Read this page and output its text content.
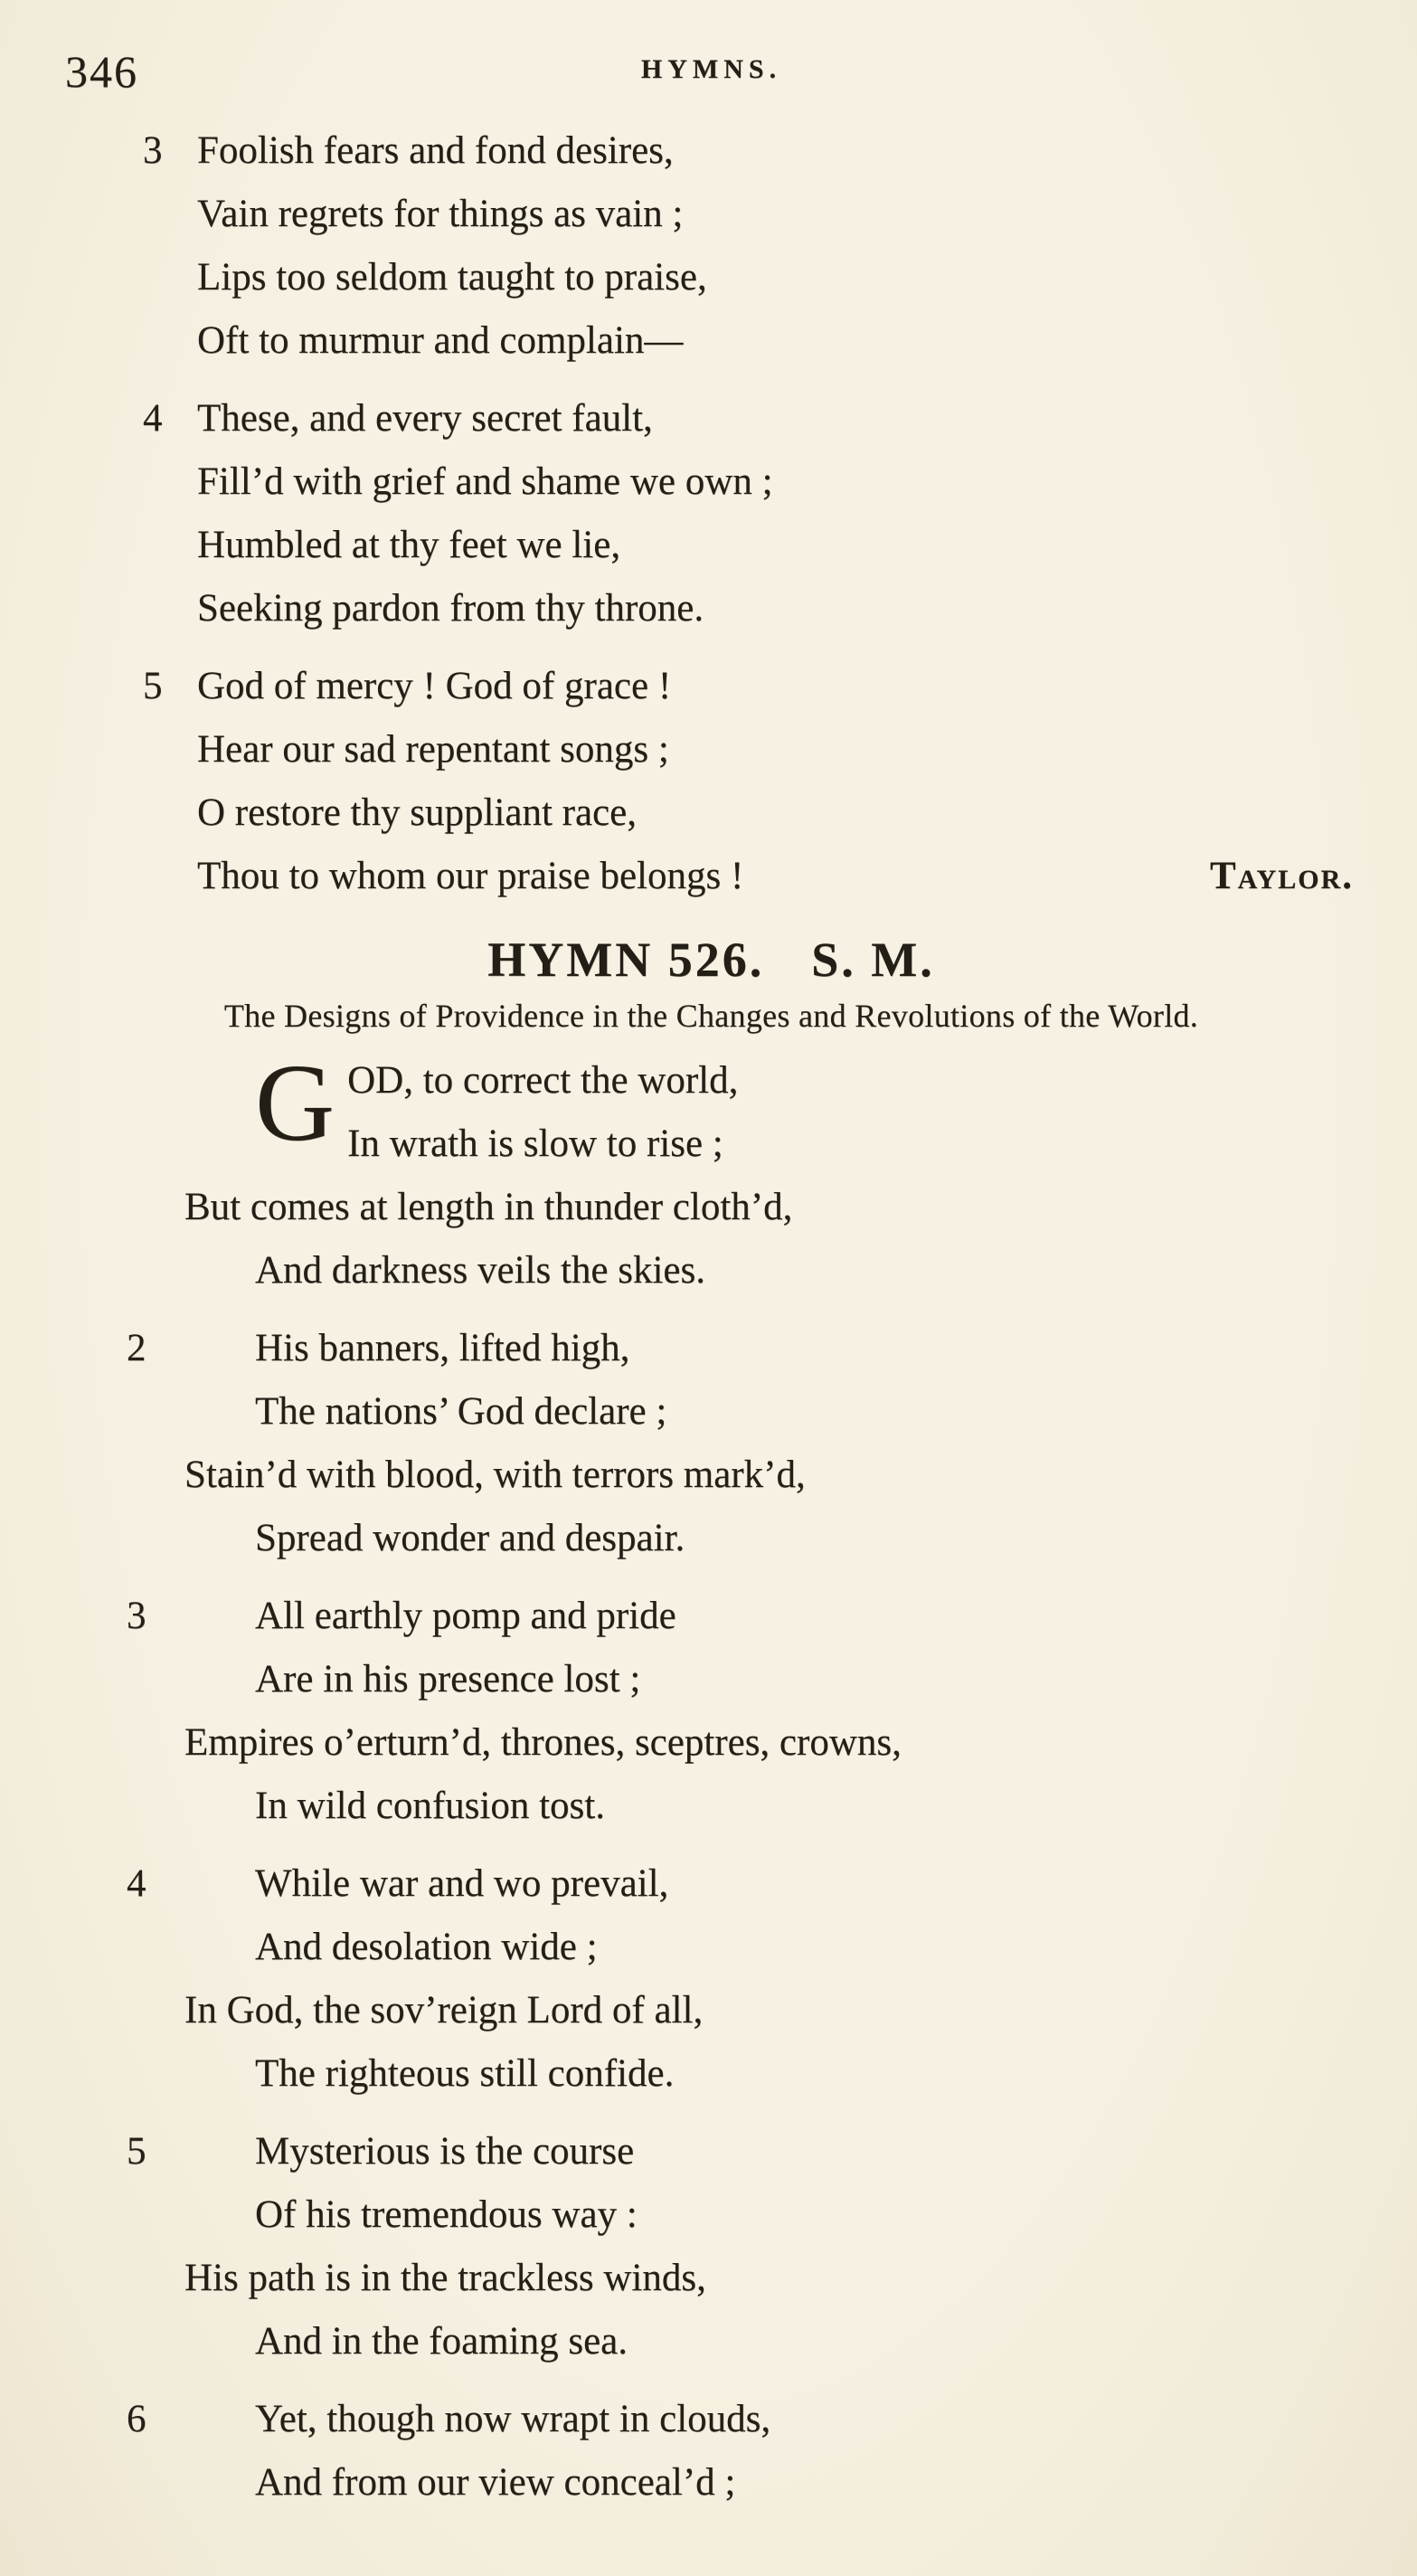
346	HYMNS.
3 Foolish fears and fond desires,
Vain regrets for things as vain ;
Lips too seldom taught to praise,
Oft to murmur and complain—
4 These, and every secret fault,
Fill’d with grief and shame we own ;
Humbled at thy feet we lie,
Seeking pardon from thy throne.
5 God of mercy ! God of grace !
Hear our sad repentant songs ;
O restore thy suppliant race,
Thou to whom our praise belongs !	Taylor.
HYMN 526. S. M.
The Designs of Providence in the Changes and Revolutions of the World.
G OD, to correct the world,
In wrath is slow to rise ;
But comes at length in thunder cloth’d,
And darkness veils the skies.
2	His banners, lifted high,
The nations’ God declare ;
Stain’d with blood, with terrors mark’d,
Spread wonder and despair.
3	All earthly pomp and pride
Are in his presence lost ;
Empires o’erturn’d, thrones, sceptres, crowns,
In wild confusion tost.
4	While war and wo prevail,
And desolation wide ;
In God, the sov’reign Lord of all,
The righteous still confide.
5	Mysterious is the course
Of his tremendous way :
His path is in the trackless winds,
And in the foaming sea.
6	Yet, though now wrapt in clouds,
And from our view conceal’d ;
